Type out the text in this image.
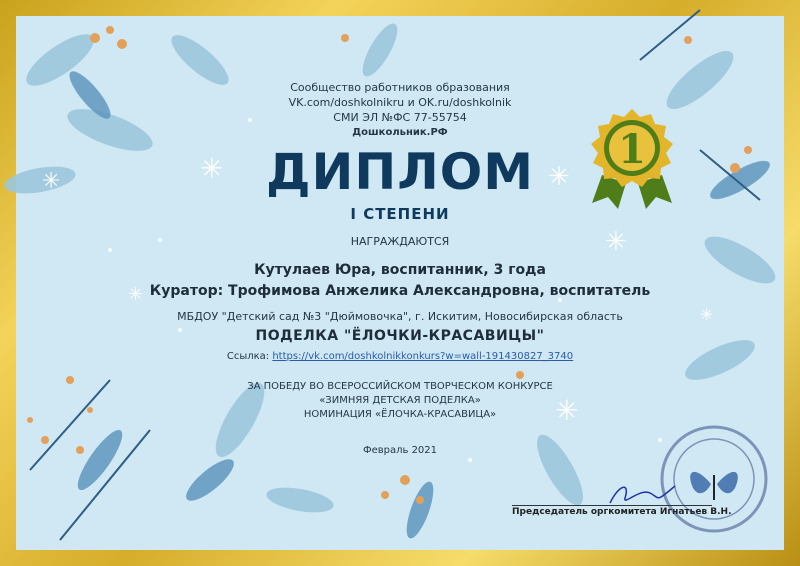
✳	✳
✳
✳
✳
✳
✳
1
Сообщество работников образования
VK.com/doshkolnikru и OK.ru/doshkolnik
СМИ ЭЛ №ФС 77-55754
Дошкольник.РФ
ДИПЛОМ
I СТЕПЕНИ
НАГРАЖДАЮТСЯ
Кутулаев Юра, воспитанник, 3 года
Куратор: Трофимова Анжелика Александровна, воспитатель
МБДОУ "Детский сад №3 "Дюймовочка", г. Искитим, Новосибирская область
ПОДЕЛКА "ЁЛОЧКИ-КРАСАВИЦЫ"
Ссылка: https://vk.com/doshkolnikkonkurs?w=wall-191430827_3740
ЗА ПОБЕДУ ВО ВСЕРОССИЙСКОМ ТВОРЧЕСКОМ КОНКУРСЕ
«ЗИМНЯЯ ДЕТСКАЯ ПОДЕЛКА»
НОМИНАЦИЯ «ЁЛОЧКА-КРАСАВИЦА»
Февраль 2021
Председатель оргкомитета Игнатьев В.Н.
